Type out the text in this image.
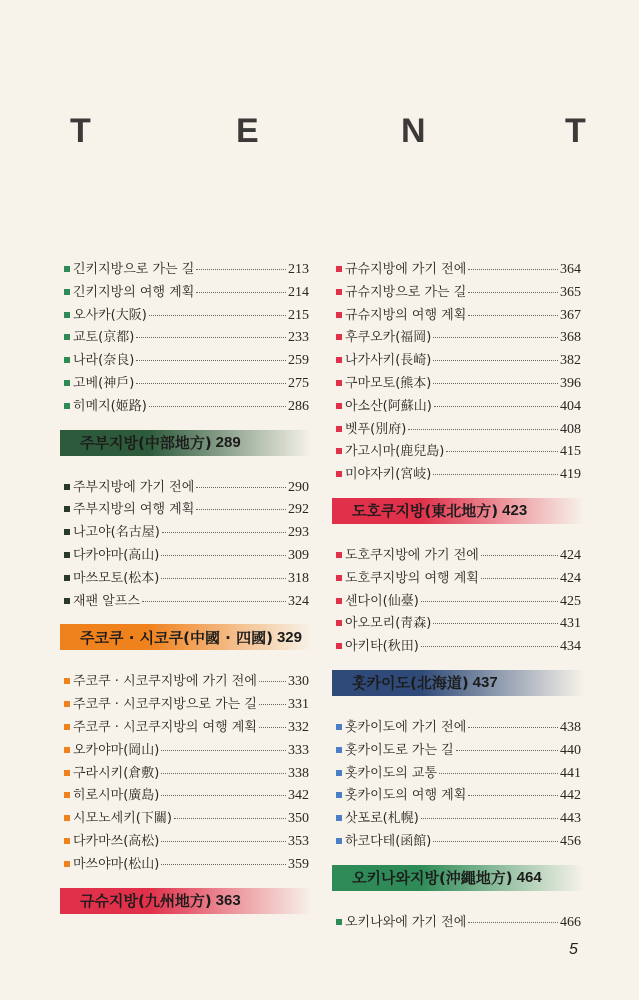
T	E	N	T
긴키지방으로 가는 길	213
긴키지방의 여행 계획	214
오사카(大阪)	215
교토(京都)	233
나라(奈良)	259
고베(神戶)	275
히메지(姬路)	286
주부지방(中部地方) 289
주부지방에 가기 전에	290
주부지방의 여행 계획	292
나고야(名古屋)	293
다카야마(高山)	309
마쓰모토(松本)	318
재팬 알프스	324
주코쿠 · 시코쿠(中國 · 四國) 329
주코쿠 · 시코쿠지방에 가기 전에 330
주코쿠 · 시코쿠지방으로 가는 길 331
주코쿠 · 시코쿠지방의 여행 계획 332
오카야마(岡山)	333
구라시키(倉敷)	338
히로시마(廣島)	342
시모노세키(下關)	350
다카마쓰(高松)	353
마쓰야마(松山)	359
규슈지방(九州地方) 363
규슈지방에 가기 전에	364
규슈지방으로 가는 길	365
규슈지방의 여행 계획	367
후쿠오카(福岡)	368
나가사키(長崎)	382
구마모토(熊本)	396
아소산(阿蘇山)	404
벳푸(別府)	408
가고시마(鹿兒島)	415
미야자키(宮岐)	419
도호쿠지방(東北地方) 423
도호쿠지방에 가기 전에	424
도호쿠지방의 여행 계획	424
센다이(仙臺)	425
아오모리(靑森)	431
아키타(秋田)	434
홋카이도(北海道) 437
홋카이도에 가기 전에	438
홋카이도로 가는 길	440
홋카이도의 교통	441
홋카이도의 여행 계획	442
삿포로(札幌)	443
하코다테(函館)	456
오키나와지방(沖繩地方) 464
오키나와에 가기 전에	466
5
